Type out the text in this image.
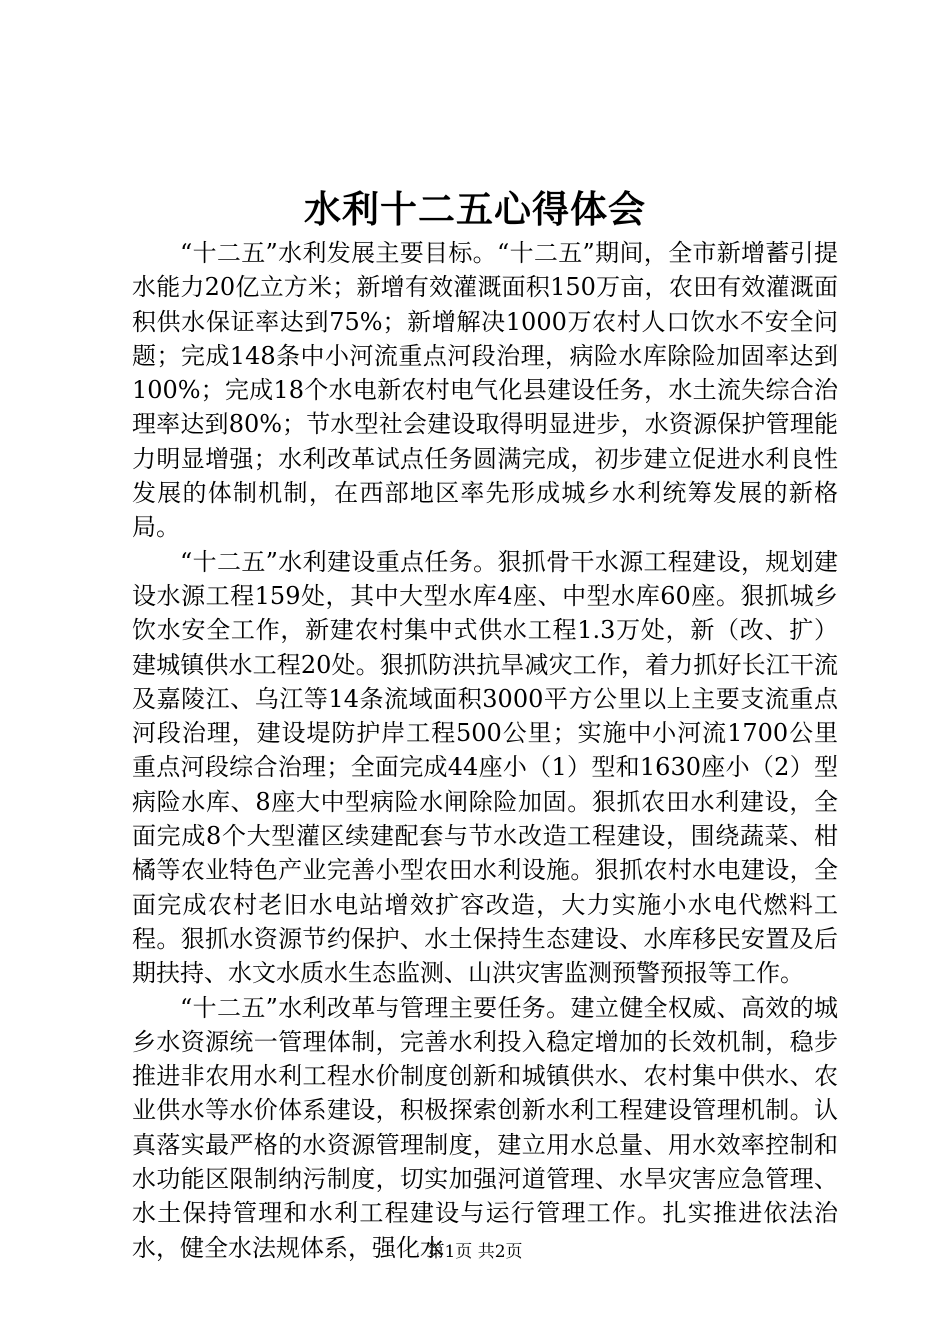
水利十二五心得体会

“十二五”水利发展主要目标。“十二五”期间，全市新增蓄引提水能力20亿立方米；新增有效灌溉面积150万亩，农田有效灌溉面积供水保证率达到75%；新增解决1000万农村人口饮水不安全问题；完成148条中小河流重点河段治理，病险水库除险加固率达到100%；完成18个水电新农村电气化县建设任务，水土流失综合治理率达到80%；节水型社会建设取得明显进步，水资源保护管理能力明显增强；水利改革试点任务圆满完成，初步建立促进水利良性发展的体制机制，在西部地区率先形成城乡水利统筹发展的新格局。

“十二五”水利建设重点任务。狠抓骨干水源工程建设，规划建设水源工程159处，其中大型水库4座、中型水库60座。狠抓城乡饮水安全工作，新建农村集中式供水工程1.3万处，新（改、扩）建城镇供水工程20处。狠抓防洪抗旱减灾工作，着力抓好长江干流及嘉陵江、乌江等14条流域面积3000平方公里以上主要支流重点河段治理，建设堤防护岸工程500公里；实施中小河流1700公里重点河段综合治理；全面完成44座小（1）型和1630座小（2）型病险水库、8座大中型病险水闸除险加固。狠抓农田水利建设，全面完成8个大型灌区续建配套与节水改造工程建设，围绕蔬菜、柑橘等农业特色产业完善小型农田水利设施。狠抓农村水电建设，全面完成农村老旧水电站增效扩容改造，大力实施小水电代燃料工程。狠抓水资源节约保护、水土保持生态建设、水库移民安置及后期扶持、水文水质水生态监测、山洪灾害监测预警预报等工作。

“十二五”水利改革与管理主要任务。建立健全权威、高效的城乡水资源统一管理体制，完善水利投入稳定增加的长效机制，稳步推进非农用水利工程水价制度创新和城镇供水、农村集中供水、农业供水等水价体系建设，积极探索创新水利工程建设管理机制。认真落实最严格的水资源管理制度，建立用水总量、用水效率控制和水功能区限制纳污制度，切实加强河道管理、水旱灾害应急管理、水土保持管理和水利工程建设与运行管理工作。扎实推进依法治水，健全水法规体系，强化水

第1页 共2页
